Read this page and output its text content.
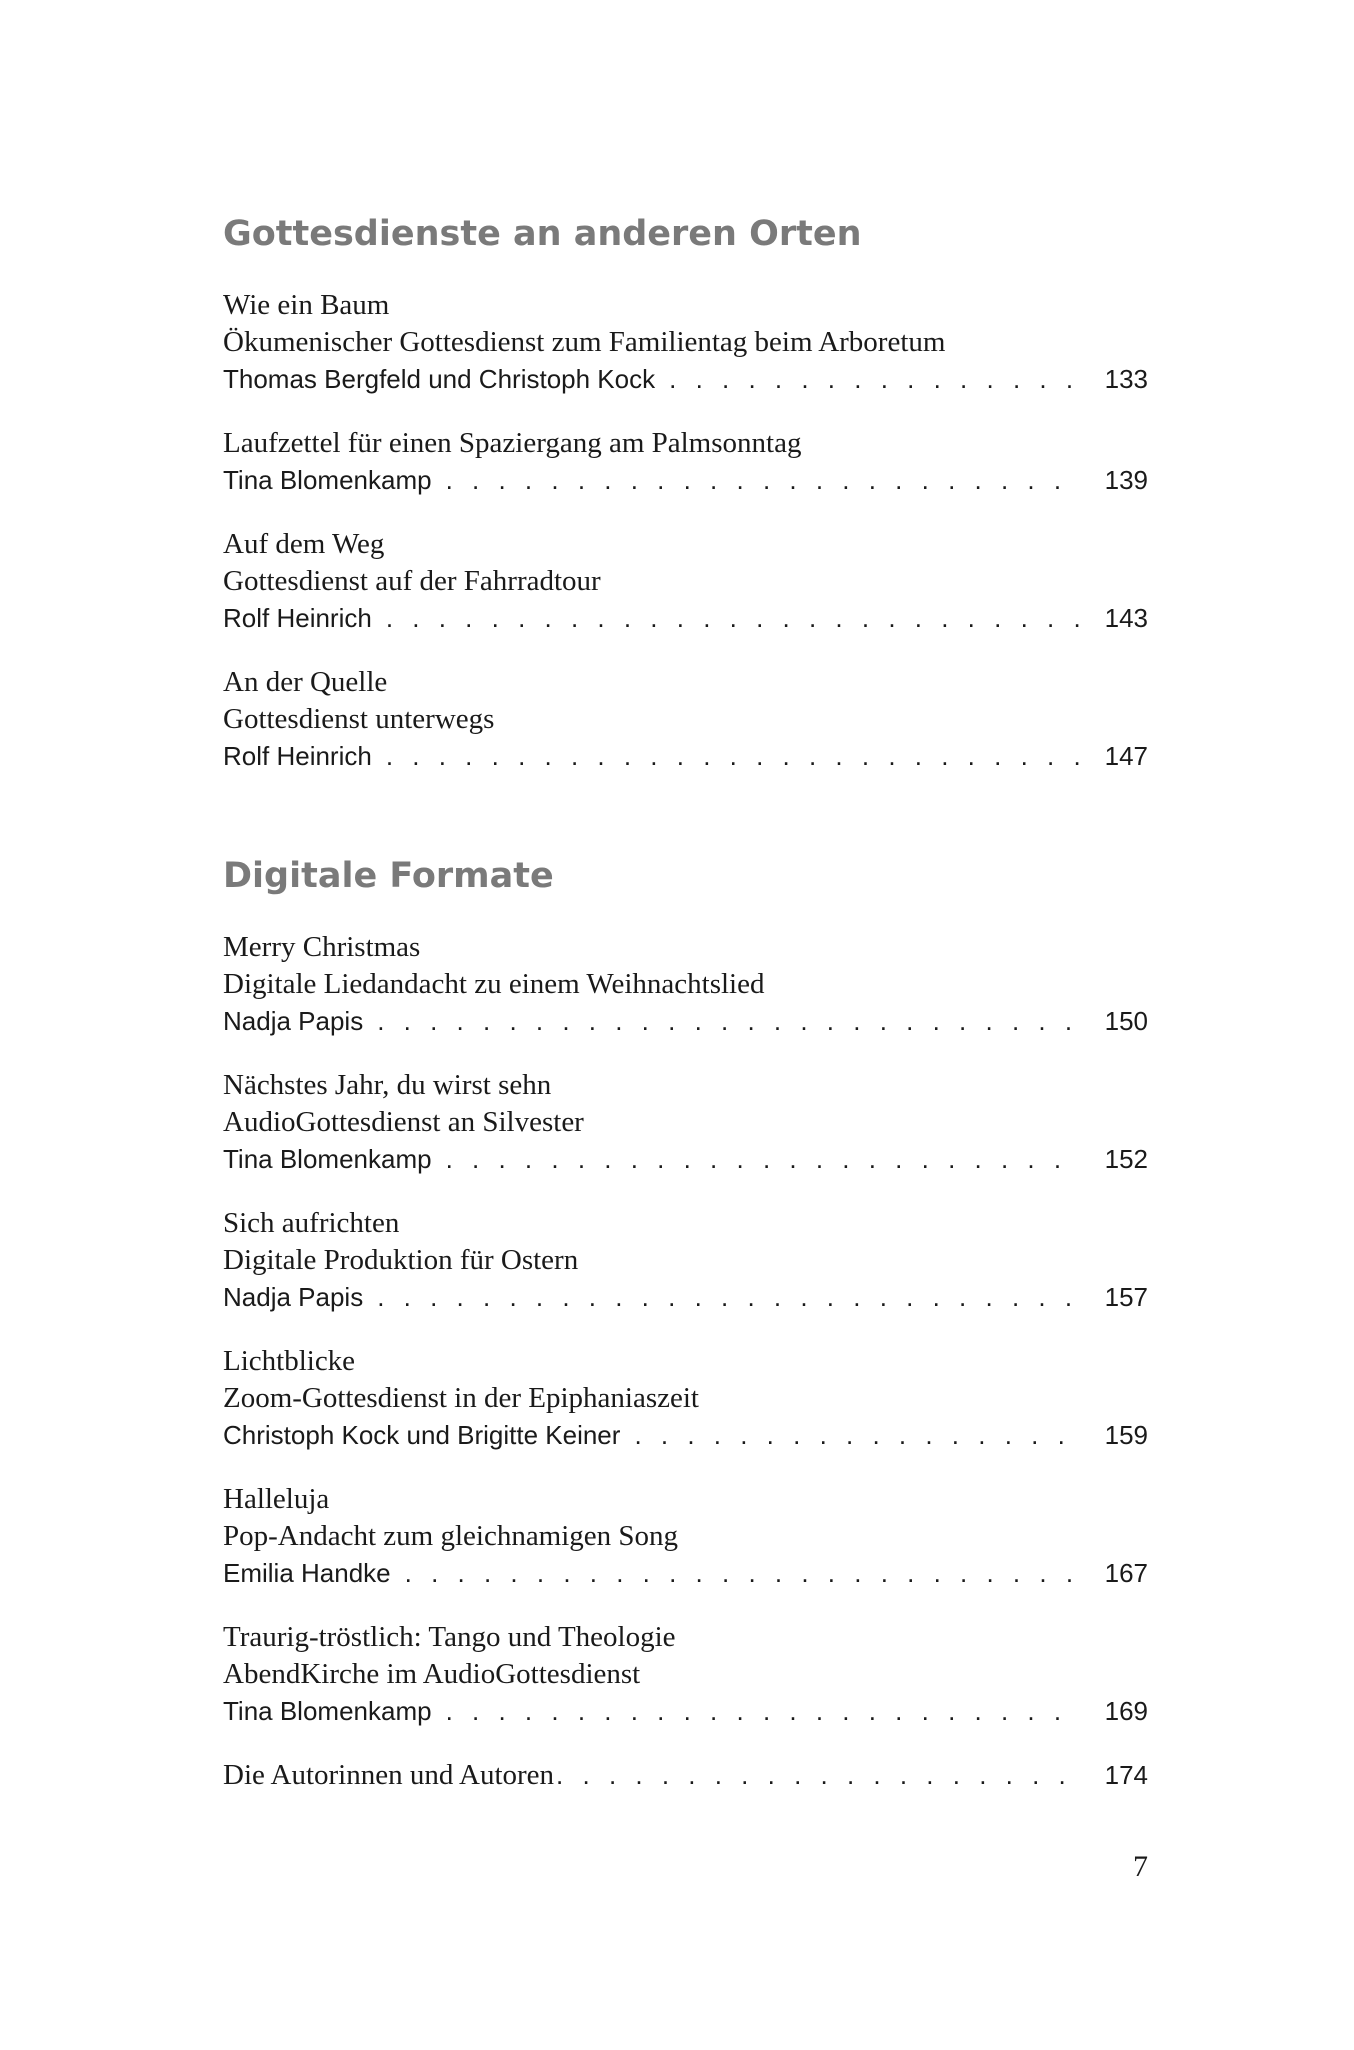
Gottesdienste an anderen Orten
Wie ein Baum
Ökumenischer Gottesdienst zum Familientag beim Arboretum
Thomas Bergfeld und Christoph Kock . . .	133
Laufzettel für einen Spaziergang am Palmsonntag
Tina Blomenkamp . . .	139
Auf dem Weg
Gottesdienst auf der Fahrradtour
Rolf Heinrich . . .	143
An der Quelle
Gottesdienst unterwegs
Rolf Heinrich . . .	147
Digitale Formate
Merry Christmas
Digitale Liedandacht zu einem Weihnachtslied
Nadja Papis . . .	150
Nächstes Jahr, du wirst sehn
AudioGottesdienst an Silvester
Tina Blomenkamp . . .	152
Sich aufrichten
Digitale Produktion für Ostern
Nadja Papis . . .	157
Lichtblicke
Zoom-Gottesdienst in der Epiphaniaszeit
Christoph Kock und Brigitte Keiner . . .	159
Halleluja
Pop-Andacht zum gleichnamigen Song
Emilia Handke . . .	167
Traurig-tröstlich: Tango und Theologie
AbendKirche im AudioGottesdienst
Tina Blomenkamp . . .	169
Die Autorinnen und Autoren . . .	174
7
